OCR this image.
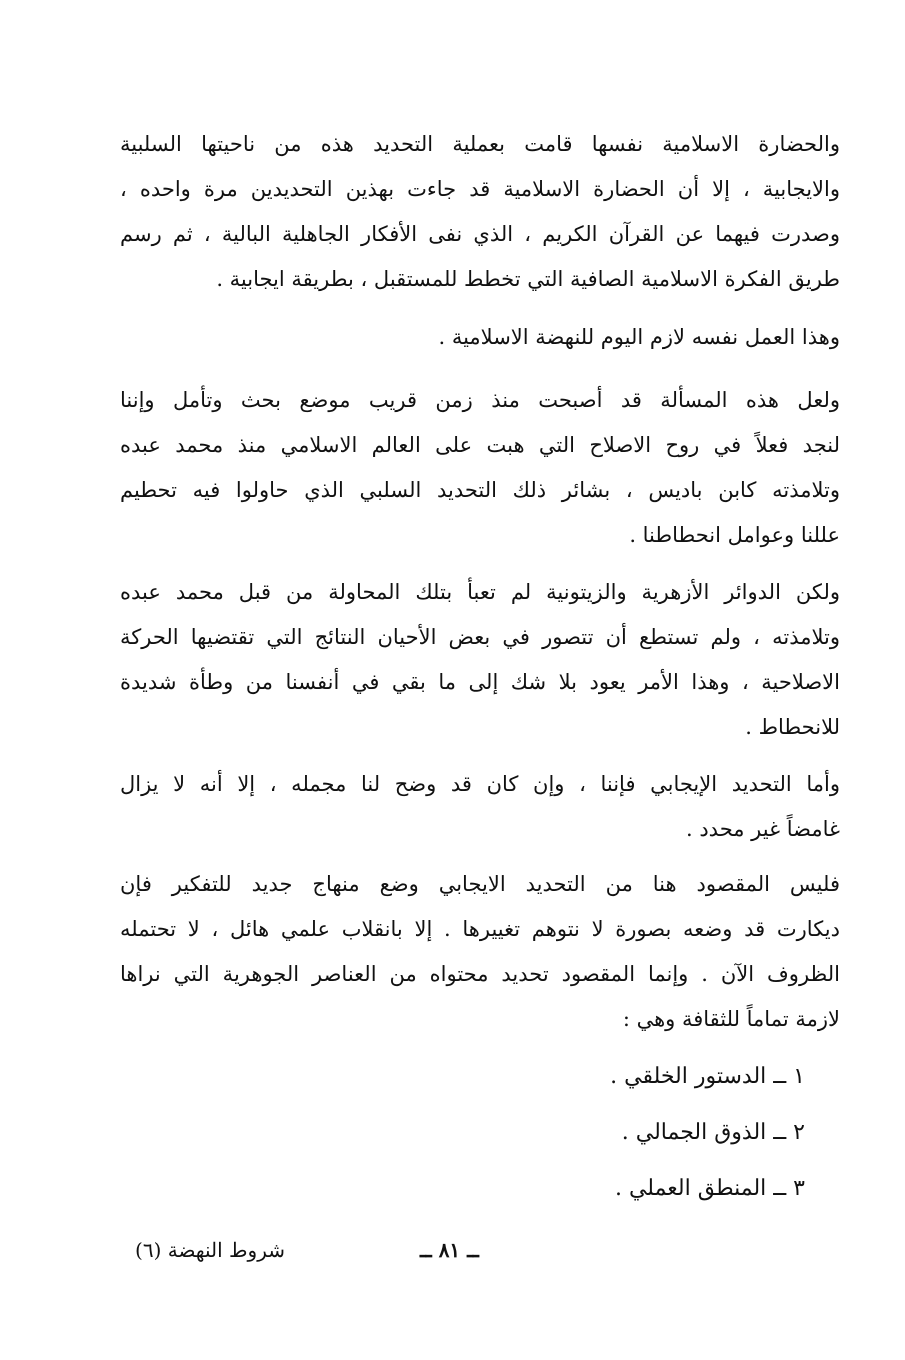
والحضارة الاسلامية نفسها قامت بعملية التحديد هذه من ناحيتها السلبية
والايجابية ، إلا أن الحضارة الاسلامية قد جاءت بهذين التحديدين مرة واحده ،
وصدرت فيهما عن القرآن الكريم ، الذي نفى الأفكار الجاهلية البالية ، ثم رسم
طريق الفكرة الاسلامية الصافية التي تخطط للمستقبل ، بطريقة ايجابية .
وهذا العمل نفسه لازم اليوم للنهضة الاسلامية .
ولعل هذه المسألة قد أصبحت منذ زمن قريب موضع بحث وتأمل وإننا
لنجد فعلاً في روح الاصلاح التي هبت على العالم الاسلامي منذ محمد عبده
وتلامذته كابن باديس ، بشائر ذلك التحديد السلبي الذي حاولوا فيه تحطيم
عللنا وعوامل انحطاطنا .
ولكن الدوائر الأزهرية والزيتونية لم تعبأ بتلك المحاولة من قبل محمد عبده
وتلامذته ، ولم تستطع أن تتصور في بعض الأحيان النتائج التي تقتضيها الحركة
الاصلاحية ، وهذا الأمر يعود بلا شك إلى ما بقي في أنفسنا من وطأة شديدة
للانحطاط .
وأما التحديد الإيجابي فإننا ، وإن كان قد وضح لنا مجمله ، إلا أنه لا يزال
غامضاً غير محدد .
فليس المقصود هنا من التحديد الايجابي وضع منهاج جديد للتفكير فإن
ديكارت قد وضعه بصورة لا نتوهم تغييرها . إلا بانقلاب علمي هائل ، لا تحتمله
الظروف الآن . وإنما المقصود تحديد محتواه من العناصر الجوهرية التي نراها
لازمة تماماً للثقافة وهي :
١ ــ الدستور الخلقي .
٢ ــ الذوق الجمالي .
٣ ــ المنطق العملي .
شروط النهضة (٦)	ــ ٨١ ــ
